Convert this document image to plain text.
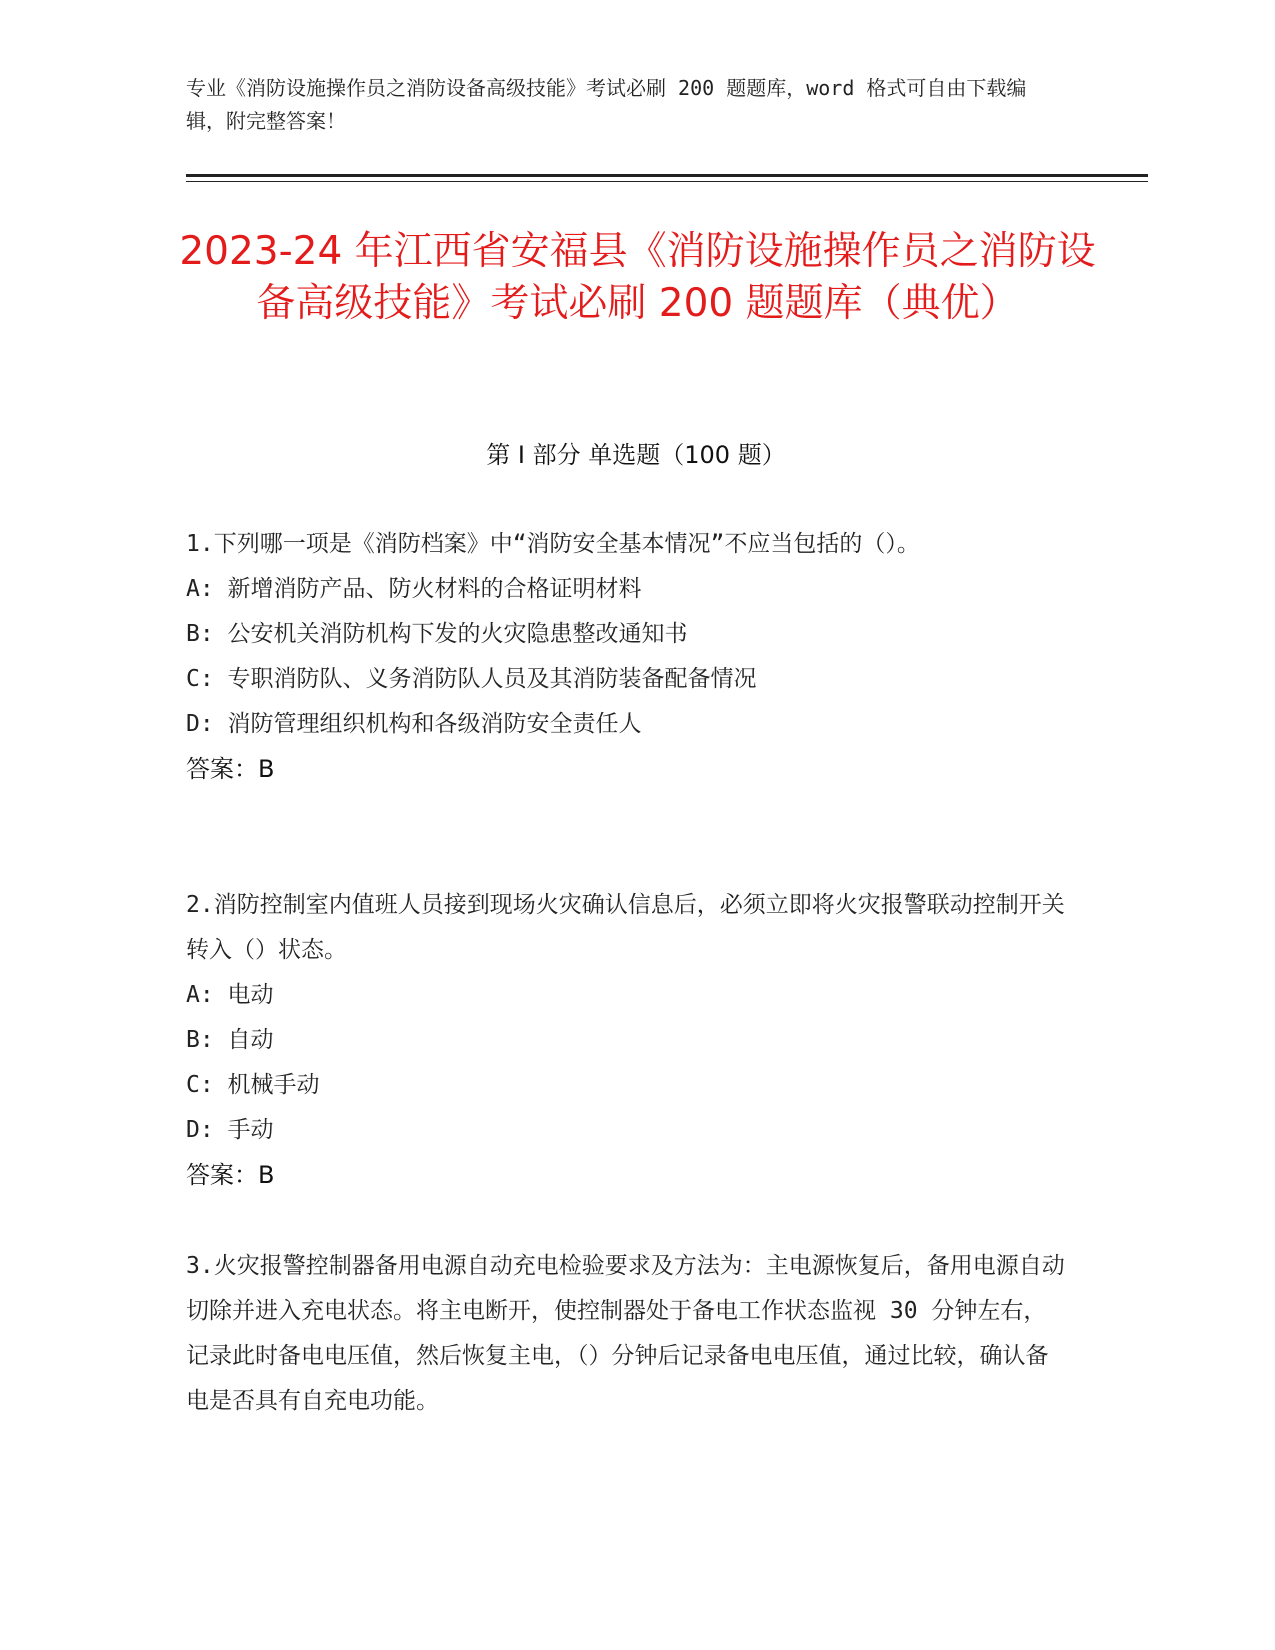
专业《消防设施操作员之消防设备高级技能》考试必刷 200 题题库，word 格式可自由下载编辑，附完整答案！
2023-24 年江西省安福县《消防设施操作员之消防设备高级技能》考试必刷 200 题题库（典优）
第 I 部分 单选题（100 题）

1.下列哪一项是《消防档案》中“消防安全基本情况”不应当包括的（）。

A: 新增消防产品、防火材料的合格证明材料

B: 公安机关消防机构下发的火灾隐患整改通知书

C: 专职消防队、义务消防队人员及其消防装备配备情况

D: 消防管理组织机构和各级消防安全责任人

答案：B

2.消防控制室内值班人员接到现场火灾确认信息后，必须立即将火灾报警联动控制开关转入（）状态。

A: 电动

B: 自动

C: 机械手动

D: 手动

答案：B

3.火灾报警控制器备用电源自动充电检验要求及方法为：主电源恢复后，备用电源自动切除并进入充电状态。将主电断开，使控制器处于备电工作状态监视 30 分钟左右，记录此时备电电压值，然后恢复主电，（）分钟后记录备电电压值，通过比较，确认备电是否具有自充电功能。
